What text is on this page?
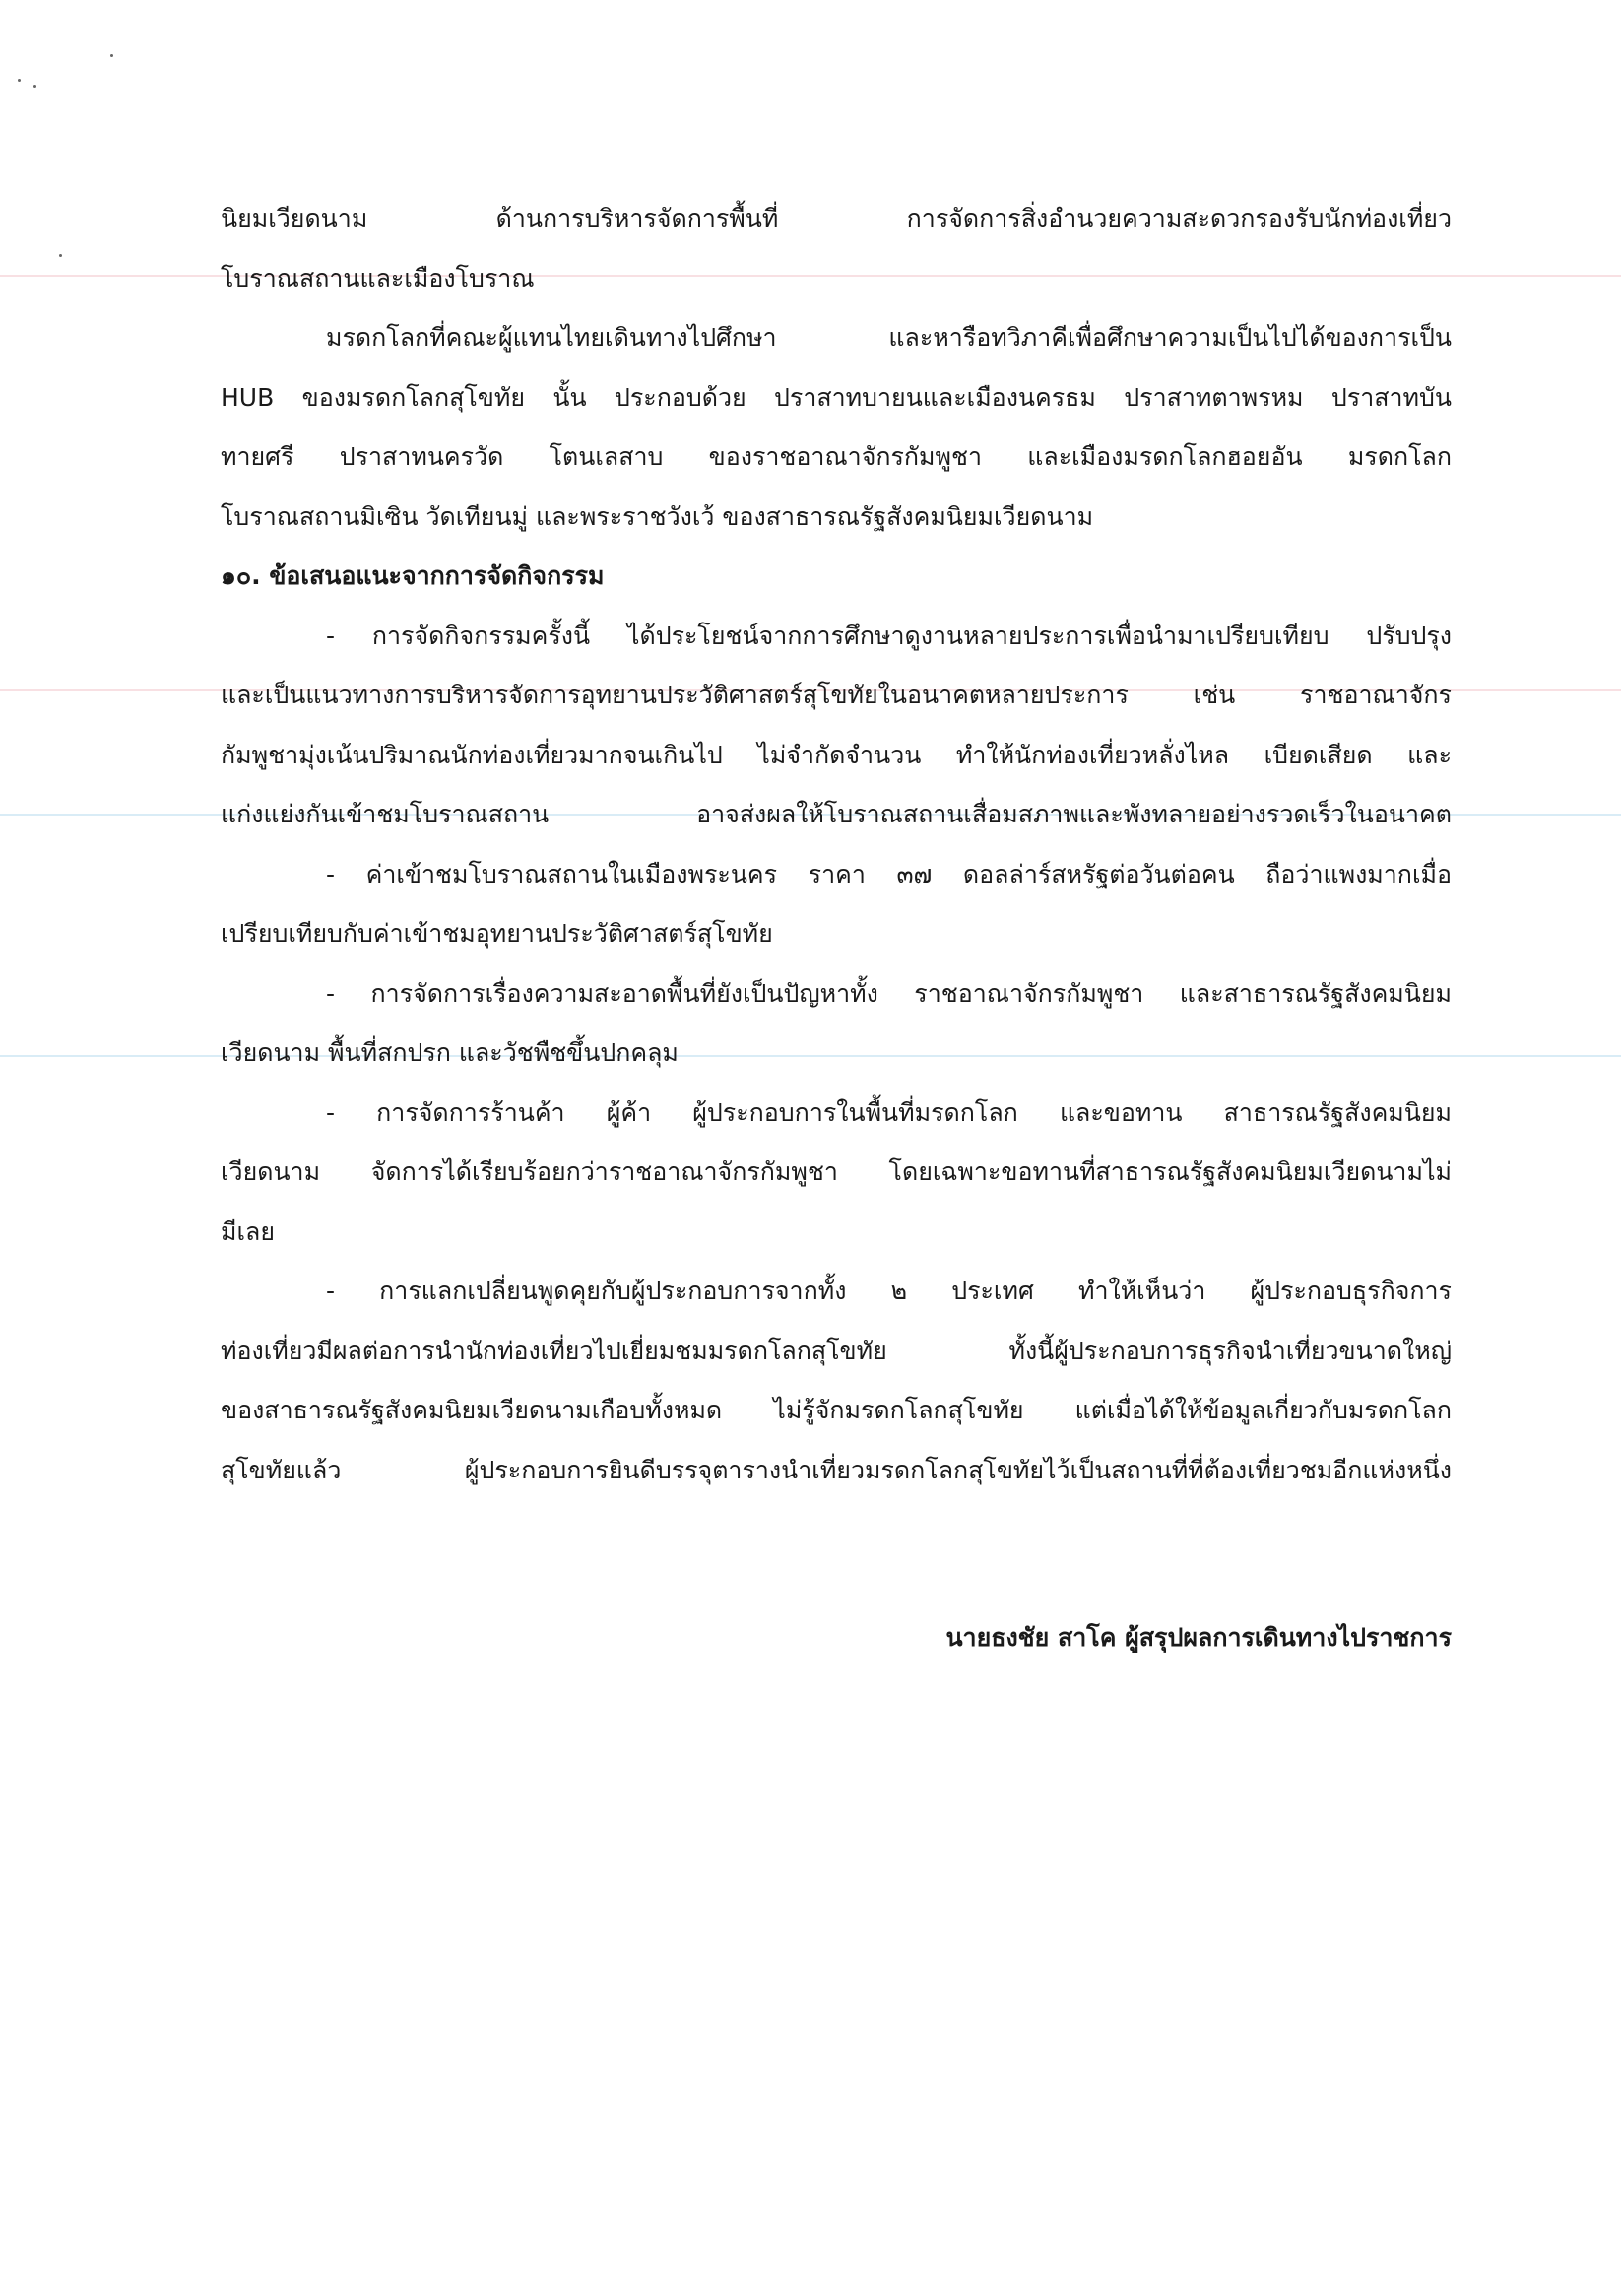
นิยมเวียดนาม ด้านการบริหารจัดการพื้นที่ การจัดการสิ่งอำนวยความสะดวกรองรับนักท่องเที่ยว
โบราณสถานและเมืองโบราณ
มรดกโลกที่คณะผู้แทนไทยเดินทางไปศึกษา และหารือทวิภาคีเพื่อศึกษาความเป็นไปได้ของการเป็น
HUB ของมรดกโลกสุโขทัย นั้น ประกอบด้วย ปราสาทบายนและเมืองนครธม ปราสาทตาพรหม ปราสาทบัน
ทายศรี ปราสาทนครวัด โตนเลสาบ ของราชอาณาจักรกัมพูชา และเมืองมรดกโลกฮอยอัน มรดกโลก
โบราณสถานมิเซิน วัดเทียนมู่ และพระราชวังเว้ ของสาธารณรัฐสังคมนิยมเวียดนาม
๑๐. ข้อเสนอแนะจากการจัดกิจกรรม
- การจัดกิจกรรมครั้งนี้ ได้ประโยชน์จากการศึกษาดูงานหลายประการเพื่อนำมาเปรียบเทียบ ปรับปรุง
และเป็นแนวทางการบริหารจัดการอุทยานประวัติศาสตร์สุโขทัยในอนาคตหลายประการ เช่น ราชอาณาจักร
กัมพูชามุ่งเน้นปริมาณนักท่องเที่ยวมากจนเกินไป ไม่จำกัดจำนวน ทำให้นักท่องเที่ยวหลั่งไหล เบียดเสียด และ
แก่งแย่งกันเข้าชมโบราณสถาน อาจส่งผลให้โบราณสถานเสื่อมสภาพและพังทลายอย่างรวดเร็วในอนาคต
- ค่าเข้าชมโบราณสถานในเมืองพระนคร ราคา ๓๗ ดอลล่าร์สหรัฐต่อวันต่อคน ถือว่าแพงมากเมื่อ
เปรียบเทียบกับค่าเข้าชมอุทยานประวัติศาสตร์สุโขทัย
- การจัดการเรื่องความสะอาดพื้นที่ยังเป็นปัญหาทั้ง ราชอาณาจักรกัมพูชา และสาธารณรัฐสังคมนิยม
เวียดนาม พื้นที่สกปรก และวัชพืชขึ้นปกคลุม
- การจัดการร้านค้า ผู้ค้า ผู้ประกอบการในพื้นที่มรดกโลก และขอทาน สาธารณรัฐสังคมนิยม
เวียดนาม จัดการได้เรียบร้อยกว่าราชอาณาจักรกัมพูชา โดยเฉพาะขอทานที่สาธารณรัฐสังคมนิยมเวียดนามไม่
มีเลย
- การแลกเปลี่ยนพูดคุยกับผู้ประกอบการจากทั้ง ๒ ประเทศ ทำให้เห็นว่า ผู้ประกอบธุรกิจการ
ท่องเที่ยวมีผลต่อการนำนักท่องเที่ยวไปเยี่ยมชมมรดกโลกสุโขทัย ทั้งนี้ผู้ประกอบการธุรกิจนำเที่ยวขนาดใหญ่
ของสาธารณรัฐสังคมนิยมเวียดนามเกือบทั้งหมด ไม่รู้จักมรดกโลกสุโขทัย แต่เมื่อได้ให้ข้อมูลเกี่ยวกับมรดกโลก
สุโขทัยแล้ว ผู้ประกอบการยินดีบรรจุตารางนำเที่ยวมรดกโลกสุโขทัยไว้เป็นสถานที่ที่ต้องเที่ยวชมอีกแห่งหนึ่ง
นายธงชัย สาโค ผู้สรุปผลการเดินทางไปราชการ
